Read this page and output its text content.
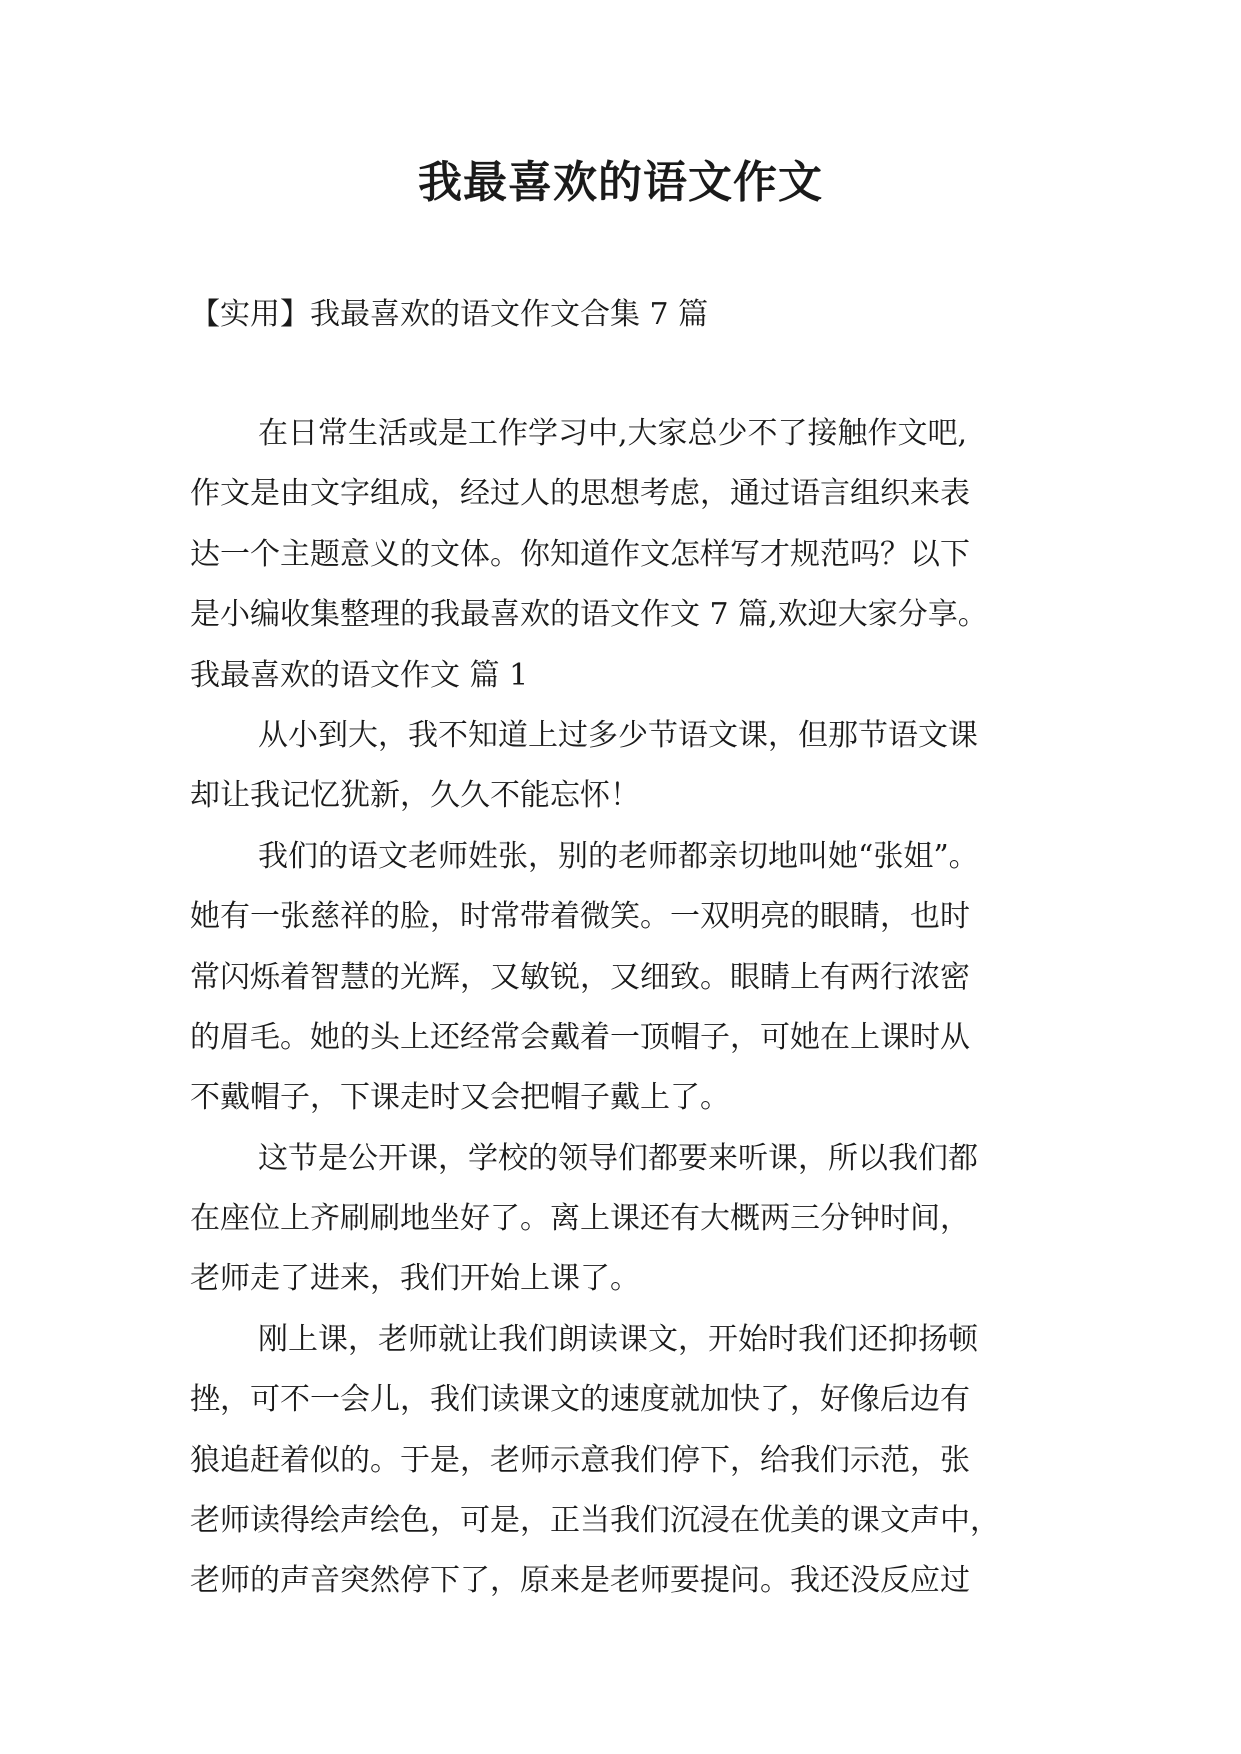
我最喜欢的语文作文

【实用】我最喜欢的语文作文合集 7 篇

在日常生活或是工作学习中,大家总少不了接触作文吧,
作文是由文字组成，经过人的思想考虑，通过语言组织来表
达一个主题意义的文体。你知道作文怎样写才规范吗？以下
是小编收集整理的我最喜欢的语文作文 7 篇,欢迎大家分享。
我最喜欢的语文作文 篇 1
从小到大，我不知道上过多少节语文课，但那节语文课
却让我记忆犹新，久久不能忘怀！
我们的语文老师姓张，别的老师都亲切地叫她“张姐”。
她有一张慈祥的脸，时常带着微笑。一双明亮的眼睛，也时
常闪烁着智慧的光辉，又敏锐，又细致。眼睛上有两行浓密
的眉毛。她的头上还经常会戴着一顶帽子，可她在上课时从
不戴帽子，下课走时又会把帽子戴上了。
这节是公开课，学校的领导们都要来听课，所以我们都
在座位上齐刷刷地坐好了。离上课还有大概两三分钟时间，
老师走了进来，我们开始上课了。
刚上课，老师就让我们朗读课文，开始时我们还抑扬顿
挫，可不一会儿，我们读课文的速度就加快了，好像后边有
狼追赶着似的。于是，老师示意我们停下，给我们示范，张
老师读得绘声绘色，可是，正当我们沉浸在优美的课文声中，
老师的声音突然停下了，原来是老师要提问。我还没反应过
